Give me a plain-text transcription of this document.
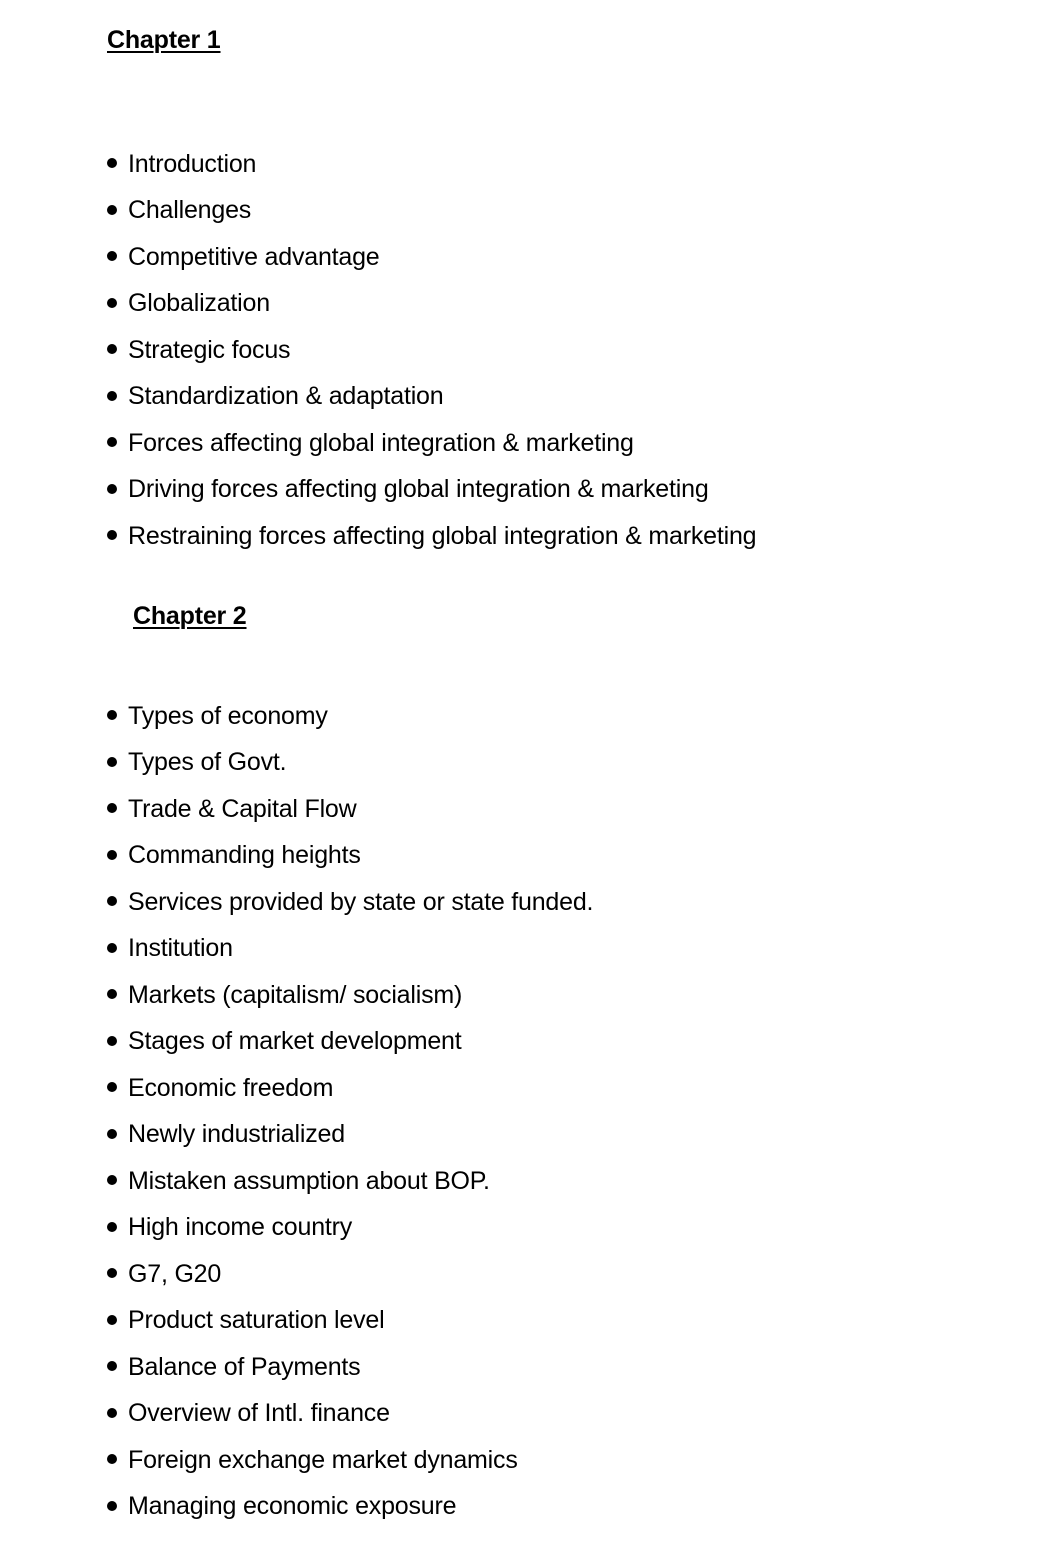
Chapter 1
Introduction
Challenges
Competitive advantage
Globalization
Strategic focus
Standardization & adaptation
Forces affecting global integration & marketing
Driving forces affecting global integration & marketing
Restraining forces affecting global integration & marketing
Chapter 2
Types of economy
Types of Govt.
Trade & Capital Flow
Commanding heights
Services provided by state or state funded.
Institution
Markets (capitalism/ socialism)
Stages of market development
Economic freedom
Newly industrialized
Mistaken assumption about BOP.
High income country
G7, G20
Product saturation level
Balance of Payments
Overview of Intl. finance
Foreign exchange market dynamics
Managing economic exposure
